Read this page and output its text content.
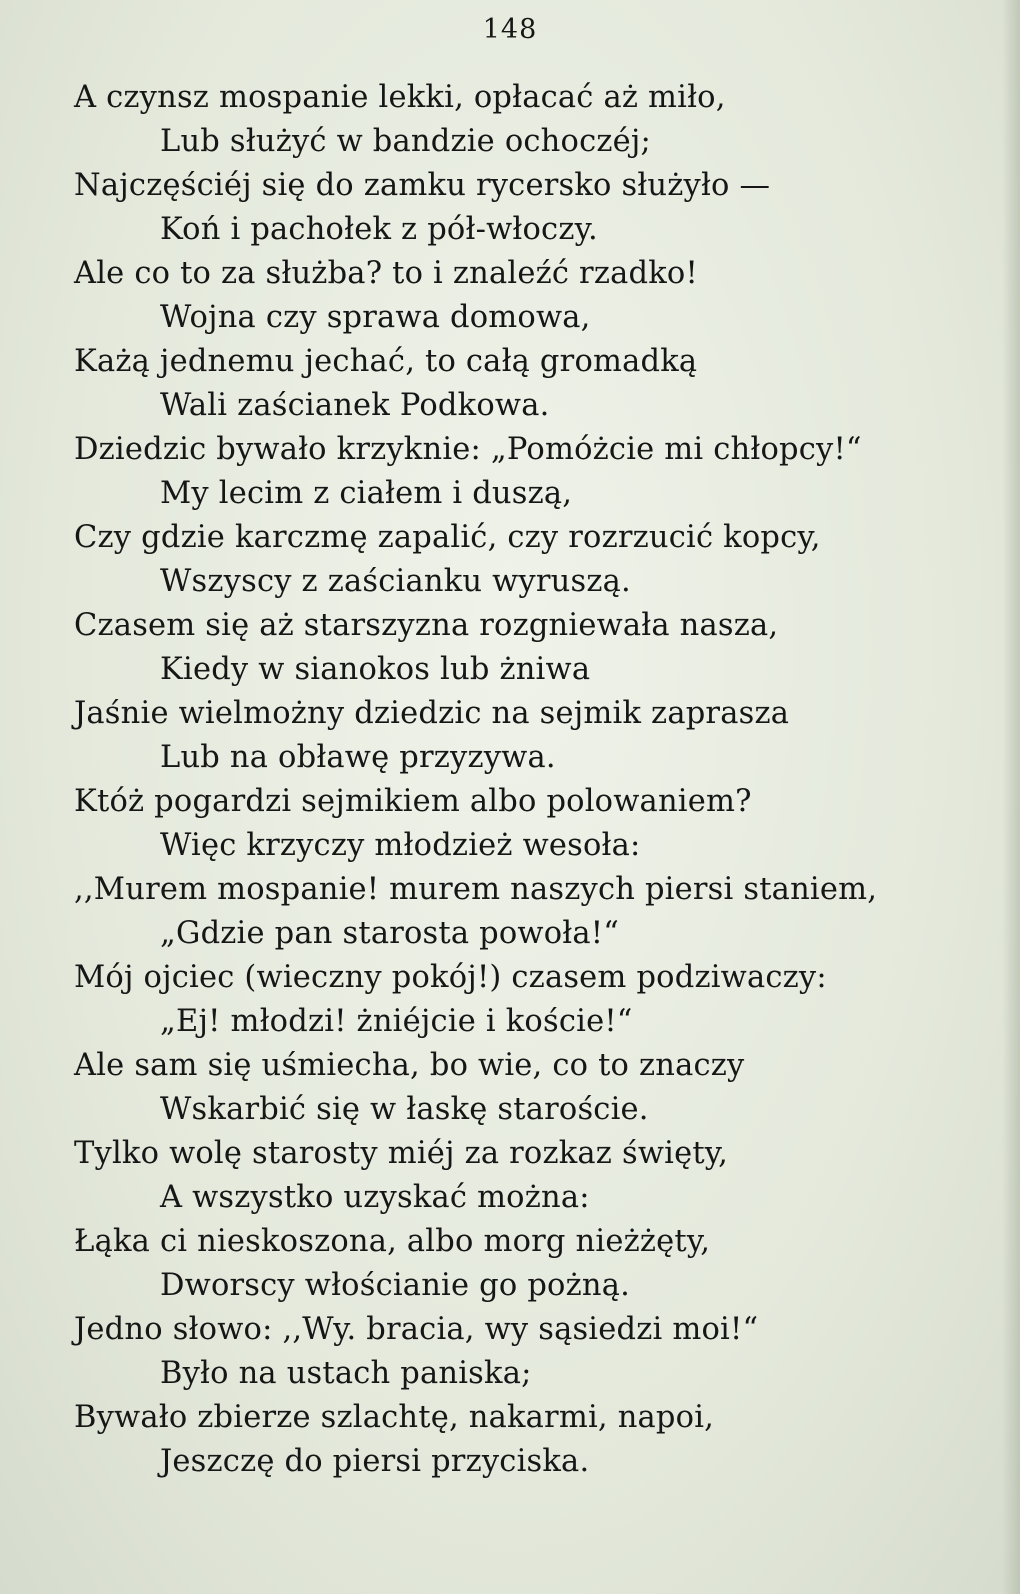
148
A czynsz mospanie lekki, opłacać aż miło,
Lub służyć w bandzie ochoczéj;
Najczęściéj się do zamku rycersko służyło —
Koń i pachołek z pół-włoczy.
Ale co to za służba? to i znaleźć rzadko!
Wojna czy sprawa domowa,
Każą jednemu jechać, to całą gromadką
Wali zaścianek Podkowa.
Dziedzic bywało krzyknie: „Pomóżcie mi chłopcy!“
My lecim z ciałem i duszą,
Czy gdzie karczmę zapalić, czy rozrzucić kopcy,
Wszyscy z zaścianku wyruszą.
Czasem się aż starszyzna rozgniewała nasza,
Kiedy w sianokos lub żniwa
Jaśnie wielmożny dziedzic na sejmik zaprasza
Lub na obławę przyzywa.
Któż pogardzi sejmikiem albo polowaniem?
Więc krzyczy młodzież wesoła:
,,Murem mospanie! murem naszych piersi staniem,
„Gdzie pan starosta powoła!“
Mój ojciec (wieczny pokój!) czasem podziwaczy:
„Ej! młodzi! żniéjcie i koście!“
Ale sam się uśmiecha, bo wie, co to znaczy
Wskarbić się w łaskę staroście.
Tylko wolę starosty miéj za rozkaz święty,
A wszystko uzyskać można:
Łąka ci nieskoszona, albo morg nieżżęty,
Dworscy włościanie go pożną.
Jedno słowo: ,,Wy. bracia, wy sąsiedzi moi!“
Było na ustach paniska;
Bywało zbierze szlachtę, nakarmi, napoi,
Jeszczę do piersi przyciska.
